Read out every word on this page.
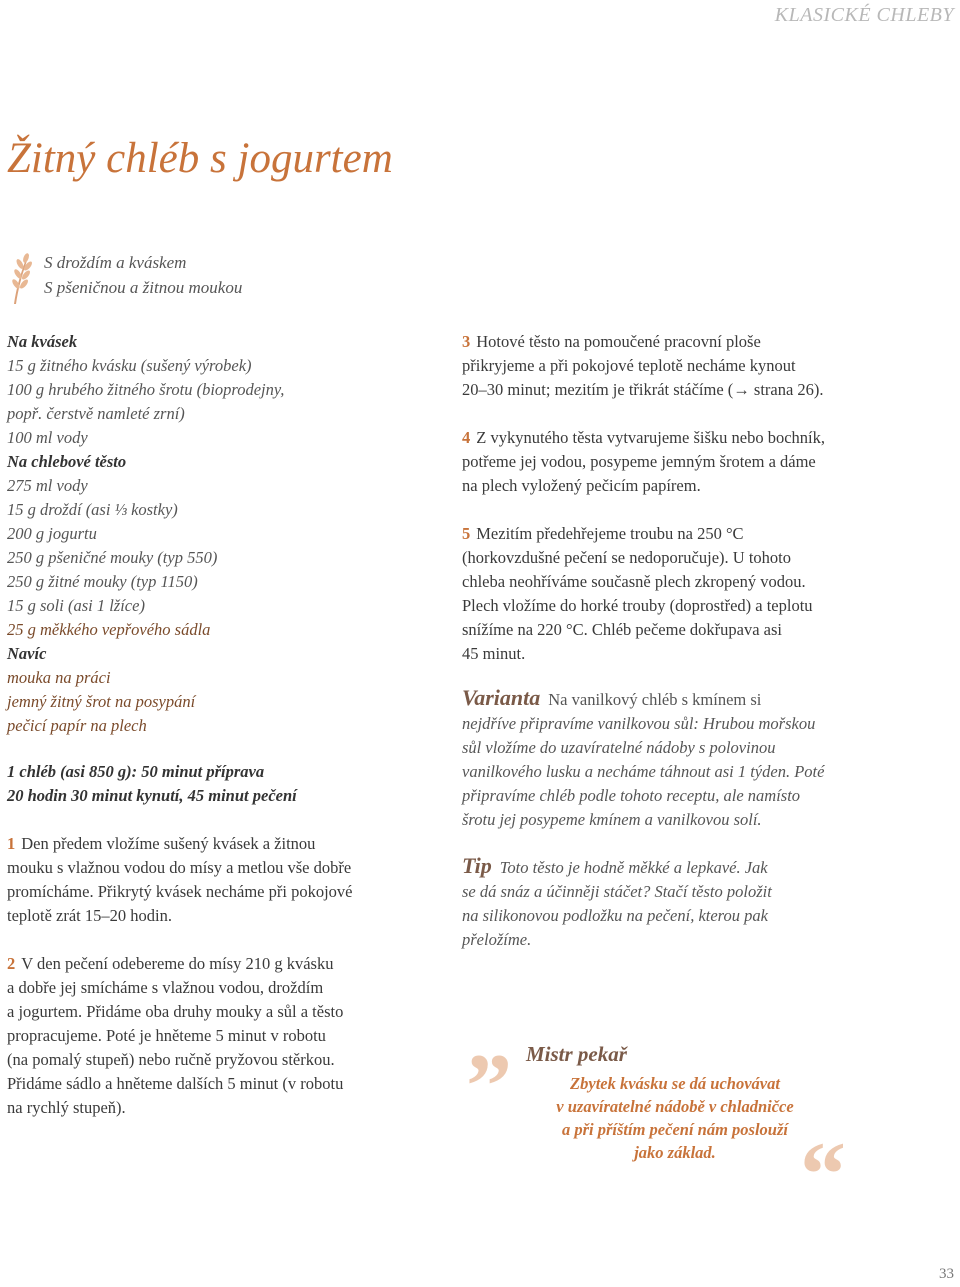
KLASICKÉ CHLEBY
Žitný chléb s jogurtem
S droždím a kváskem
S pšeničnou a žitnou moukou
Na kvásek
15 g žitného kvásku (sušený výrobek)
100 g hrubého žitného šrotu (bioprodejny,
popř. čerstvě namleté zrní)
100 ml vody
Na chlebové těsto
275 ml vody
15 g droždí (asi ⅓ kostky)
200 g jogurtu
250 g pšeničné mouky (typ 550)
250 g žitné mouky (typ 1150)
15 g soli (asi 1 lžíce)
25 g měkkého vepřového sádla
Navíc
mouka na práci
jemný žitný šrot na posypání
pečicí papír na plech
1 chléb (asi 850 g): 50 minut příprava
20 hodin 30 minut kynutí, 45 minut pečení
1 Den předem vložíme sušený kvásek a žitnou
mouku s vlažnou vodou do mísy a metlou vše dobře
promícháme. Přikrytý kvásek necháme při pokojové
teplotě zrát 15–20 hodin.
2 V den pečení odebereme do mísy 210 g kvásku
a dobře jej smícháme s vlažnou vodou, droždím
a jogurtem. Přidáme oba druhy mouky a sůl a těsto
propracujeme. Poté je hněteme 5 minut v robotu
(na pomalý stupeň) nebo ručně pryžovou stěrkou.
Přidáme sádlo a hněteme dalších 5 minut (v robotu
na rychlý stupeň).
3 Hotové těsto na pomoučené pracovní ploše
přikryjeme a při pokojové teplotě necháme kynout
20–30 minut; mezitím je třikrát stáčíme (→ strana 26).
4 Z vykynutého těsta vytvarujeme šišku nebo bochník,
potřeme jej vodou, posypeme jemným šrotem a dáme
na plech vyložený pečicím papírem.
5 Mezitím předehřejeme troubu na 250 °C
(horkovzdušné pečení se nedoporučuje). U tohoto
chleba neohříváme současně plech zkropený vodou.
Plech vložíme do horké trouby (doprostřed) a teplotu
snížíme na 220 °C. Chléb pečeme dokřupava asi
45 minut.
Varianta Na vanilkový chléb s kmínem si
nejdříve připravíme vanilkovou sůl: Hrubou mořskou
sůl vložíme do uzavíratelné nádoby s polovinou
vanilkového lusku a necháme táhnout asi 1 týden. Poté
připravíme chléb podle tohoto receptu, ale namísto
šrotu jej posypeme kmínem a vanilkovou solí.
Tip Toto těsto je hodně měkké a lepkavé. Jak
se dá snáz a účinněji stáčet? Stačí těsto položit
na silikonovou podložku na pečení, kterou pak
přeložíme.
” Mistr pekař
Zbytek kvásku se dá uchovávat
v uzavíratelné nádobě v chladničce
a při příštím pečení nám poslouží
jako základ. “
33
